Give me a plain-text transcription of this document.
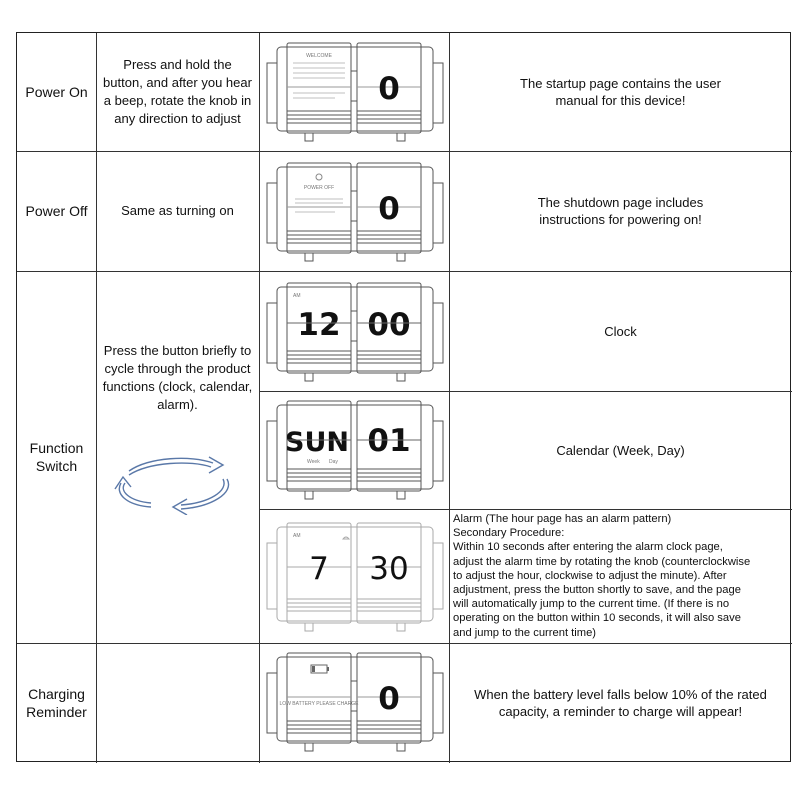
Power On
Press and hold the button, and after you hear a beep, rotate the knob in any direction to adjust
The startup page contains the user manual for this device!
Power Off	Same as turning on
The shutdown page includes instructions for powering on!
Function Switch
Press the button briefly to cycle through the product functions (clock, calendar, alarm).
Clock
Calendar (Week, Day)
Alarm (The hour page has an alarm pattern)
Secondary Procedure:
Within 10 seconds after entering the alarm clock page,
adjust the alarm time by rotating the knob (counterclockwise
to adjust the hour, clockwise to adjust the minute). After
adjustment, press the button shortly to save, and the page
will automatically jump to the current time. (If there is no
operating on the button within 10 seconds, it will also save
and jump to the current time)
Charging Reminder
When the battery level falls below 10% of the rated capacity, a reminder to charge will appear!
WELCOME
0
POWER OFF
0
AM
12 00
SUN 01
Week Day
AM
7 30
LOW BATTERY PLEASE CHARGE 0
